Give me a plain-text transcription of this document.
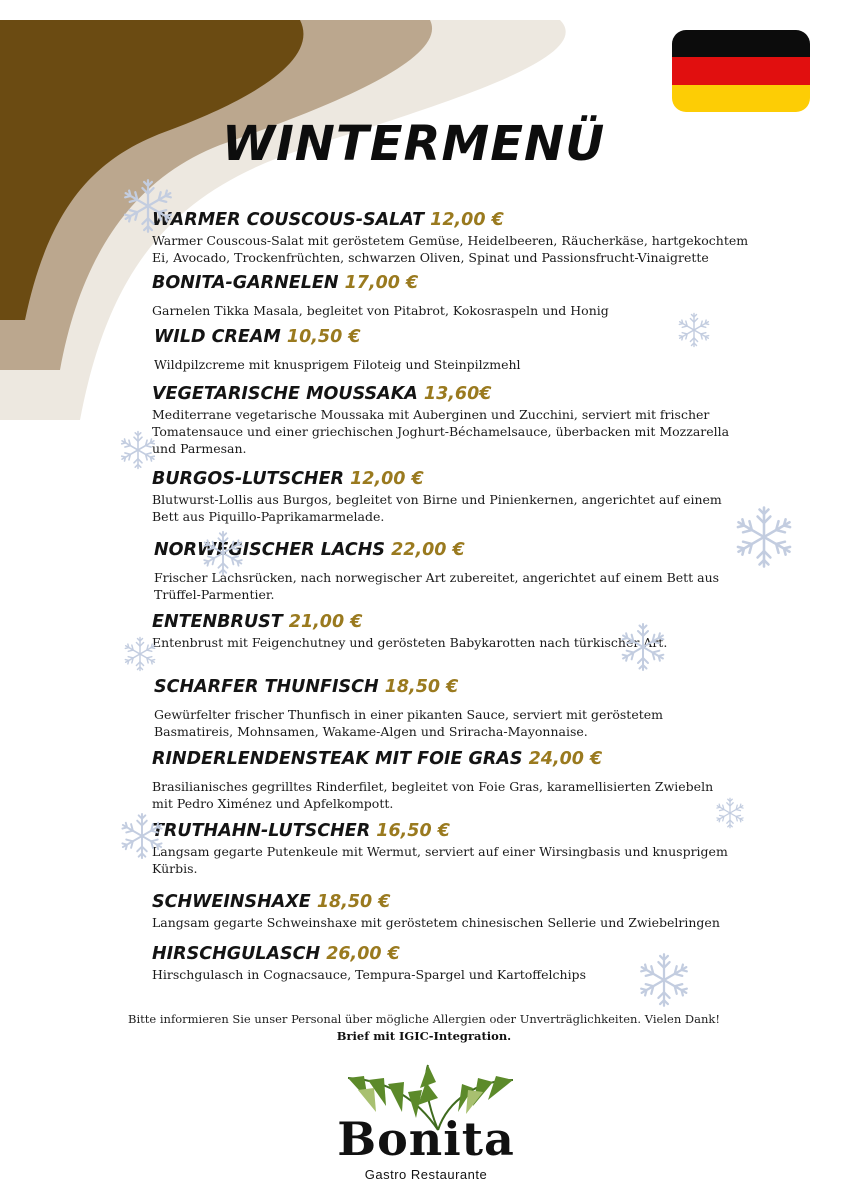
WINTERMENÜ
WARMER COUSCOUS-SALAT 12,00 €
Warmer Couscous-Salat mit geröstetem Gemüse, Heidelbeeren, Räucherkäse, hartgekochtem
Ei, Avocado, Trockenfrüchten, schwarzen Oliven, Spinat und Passionsfrucht-Vinaigrette
BONITA-GARNELEN 17,00 €
Garnelen Tikka Masala, begleitet von Pitabrot, Kokosraspeln und Honig
WILD CREAM 10,50 €
Wildpilzcreme mit knusprigem Filoteig und Steinpilzmehl
VEGETARISCHE MOUSSAKA 13,60€
Mediterrane vegetarische Moussaka mit Auberginen und Zucchini, serviert mit frischer
Tomatensauce und einer griechischen Joghurt-Béchamelsauce, überbacken mit Mozzarella
und Parmesan.
BURGOS-LUTSCHER 12,00 €
Blutwurst-Lollis aus Burgos, begleitet von Birne und Pinienkernen, angerichtet auf einem
Bett aus Piquillo-Paprikamarmelade.
NORWEGISCHER LACHS 22,00 €
Frischer Lachsrücken, nach norwegischer Art zubereitet, angerichtet auf einem Bett aus
Trüffel-Parmentier.
ENTENBRUST 21,00 €
Entenbrust mit Feigenchutney und gerösteten Babykarotten nach türkischer Art.
SCHARFER THUNFISCH 18,50 €
Gewürfelter frischer Thunfisch in einer pikanten Sauce, serviert mit geröstetem
Basmatireis, Mohnsamen, Wakame-Algen und Sriracha-Mayonnaise.
RINDERLENDENSTEAK MIT FOIE GRAS 24,00 €
Brasilianisches gegrilltes Rinderfilet, begleitet von Foie Gras, karamellisierten Zwiebeln
mit Pedro Ximénez und Apfelkompott.
TRUTHAHN-LUTSCHER 16,50 €
Langsam gegarte Putenkeule mit Wermut, serviert auf einer Wirsingbasis und knusprigem
Kürbis.
SCHWEINSHAXE 18,50 €
Langsam gegarte Schweinshaxe mit geröstetem chinesischen Sellerie und Zwiebelringen
HIRSCHGULASCH 26,00 €
Hirschgulasch in Cognacsauce, Tempura-Spargel und Kartoffelchips
Bitte informieren Sie unser Personal über mögliche Allergien oder Unverträglichkeiten. Vielen Dank!
Brief mit IGIC-Integration.
Bonita
Gastro Restaurante
